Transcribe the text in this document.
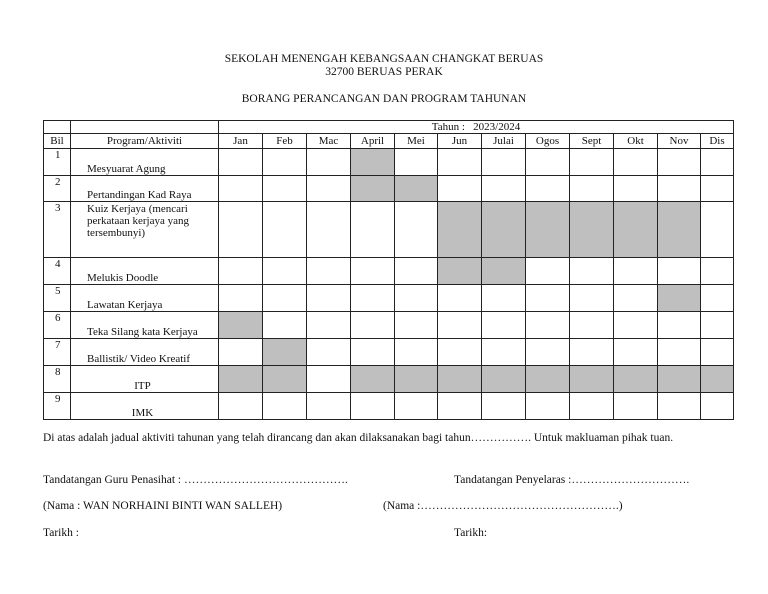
SEKOLAH MENENGAH KEBANGSAAN CHANGKAT BERUAS
32700 BERUAS PERAK
BORANG PERANCANGAN DAN PROGRAM TAHUNAN
		Tahun : 2023/2024											
Bil	Program/Aktiviti	Jan	Feb	Mac	April	Mei	Jun	Julai	Ogos	Sept	Okt	Nov	Dis
1	Mesyuarat Agung												
2	Pertandingan Kad Raya												
3	Kuiz Kerjaya (mencari perkataan kerjaya yang tersembunyi)												
4	Melukis Doodle												
5	Lawatan Kerjaya												
6	Teka Silang kata Kerjaya												
7	Ballistik/ Video Kreatif												
8	ITP												
9	IMK												
Di atas adalah jadual aktiviti tahunan yang telah dirancang dan akan dilaksanakan bagi tahun……………. Untuk makluaman pihak tuan.
Tandatangan Guru Penasihat : …………………………………….	Tandatangan Penyelaras :………………………….
(Nama : WAN NORHAINI BINTI WAN SALLEH)	(Nama :…………………………………………….)
Tarikh :	Tarikh:
